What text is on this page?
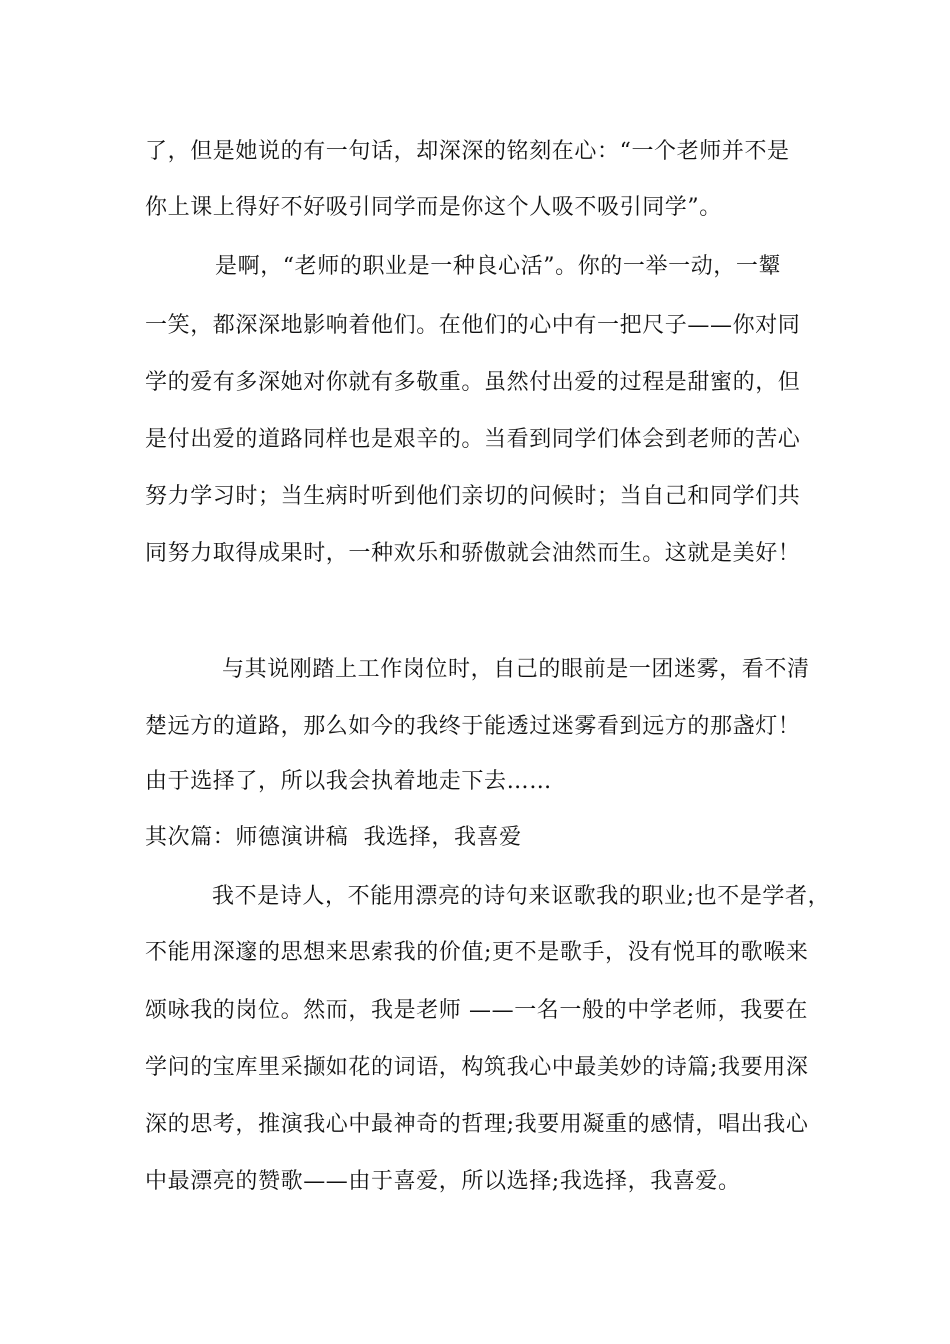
了，但是她说的有一句话，却深深的铭刻在心：“一个老师并不是
你上课上得好不好吸引同学而是你这个人吸不吸引同学”。
是啊，“老师的职业是一种良心活”。你的一举一动，一颦
一笑，都深深地影响着他们。在他们的心中有一把尺子——你对同
学的爱有多深她对你就有多敬重。虽然付出爱的过程是甜蜜的，但
是付出爱的道路同样也是艰辛的。当看到同学们体会到老师的苦心
努力学习时；当生病时听到他们亲切的问候时；当自己和同学们共
同努力取得成果时，一种欢乐和骄傲就会油然而生。这就是美好！
与其说刚踏上工作岗位时，自己的眼前是一团迷雾，看不清
楚远方的道路，那么如今的我终于能透过迷雾看到远方的那盏灯！
由于选择了，所以我会执着地走下去……
其次篇：师德演讲稿  我选择，我喜爱
我不是诗人，不能用漂亮的诗句来讴歌我的职业;也不是学者，
不能用深邃的思想来思索我的价值;更不是歌手，没有悦耳的歌喉来
颂咏我的岗位。然而，我是老师 ——一名一般的中学老师，我要在
学问的宝库里采撷如花的词语，构筑我心中最美妙的诗篇;我要用深
深的思考，推演我心中最神奇的哲理;我要用凝重的感情，唱出我心
中最漂亮的赞歌——由于喜爱，所以选择;我选择，我喜爱。
